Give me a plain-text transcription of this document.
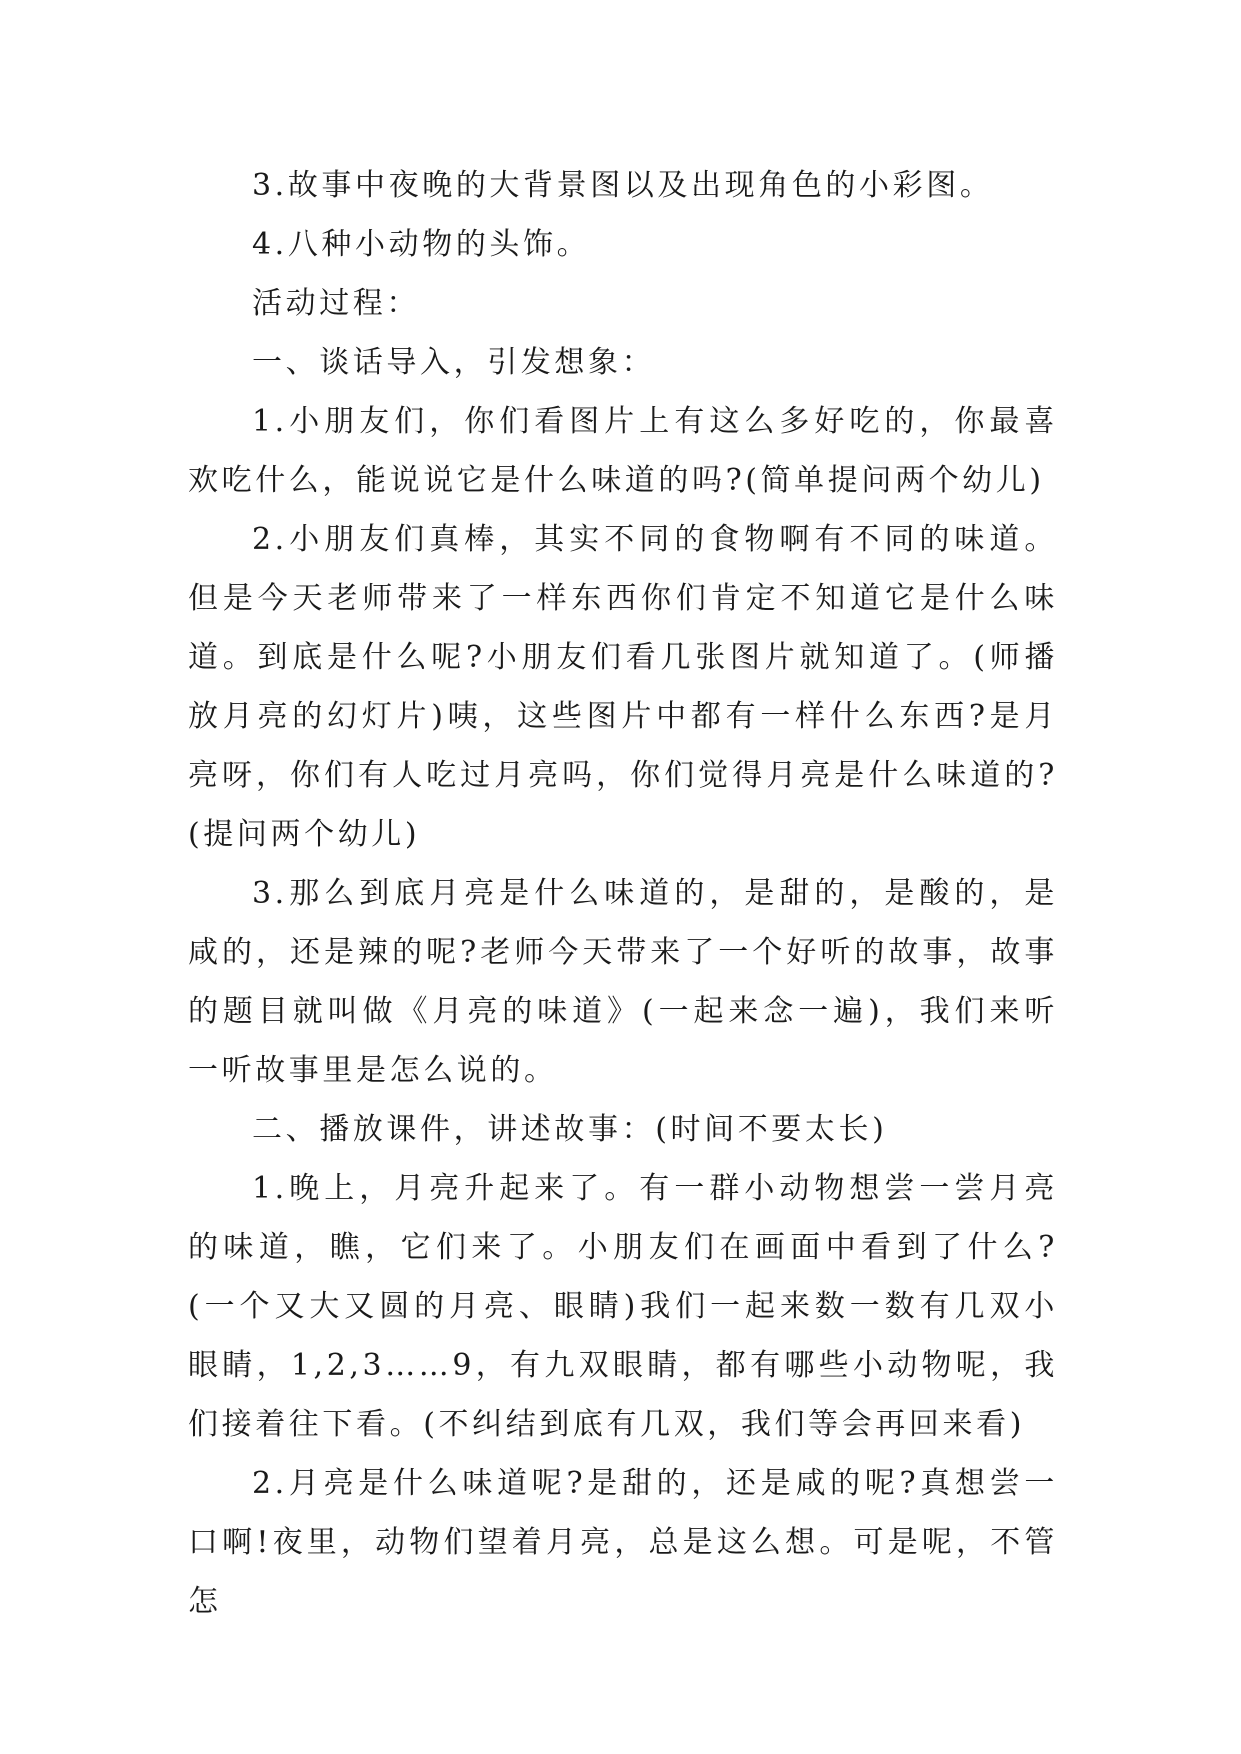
3.故事中夜晚的大背景图以及出现角色的小彩图。

4.八种小动物的头饰。

活动过程：

一、谈话导入，引发想象：

1.小朋友们，你们看图片上有这么多好吃的，你最喜欢吃什么，能说说它是什么味道的吗?(简单提问两个幼儿)

2.小朋友们真棒，其实不同的食物啊有不同的味道。但是今天老师带来了一样东西你们肯定不知道它是什么味道。到底是什么呢?小朋友们看几张图片就知道了。(师播放月亮的幻灯片)咦，这些图片中都有一样什么东西?是月亮呀，你们有人吃过月亮吗，你们觉得月亮是什么味道的?(提问两个幼儿)

3.那么到底月亮是什么味道的，是甜的，是酸的，是咸的，还是辣的呢?老师今天带来了一个好听的故事，故事的题目就叫做《月亮的味道》(一起来念一遍)，我们来听一听故事里是怎么说的。

二、播放课件，讲述故事：(时间不要太长)

1.晚上，月亮升起来了。有一群小动物想尝一尝月亮的味道，瞧，它们来了。小朋友们在画面中看到了什么?(一个又大又圆的月亮、眼睛)我们一起来数一数有几双小眼睛，1,2,3……9，有九双眼睛，都有哪些小动物呢，我们接着往下看。(不纠结到底有几双，我们等会再回来看)

2.月亮是什么味道呢?是甜的，还是咸的呢?真想尝一口啊!夜里，动物们望着月亮，总是这么想。可是呢，不管怎
